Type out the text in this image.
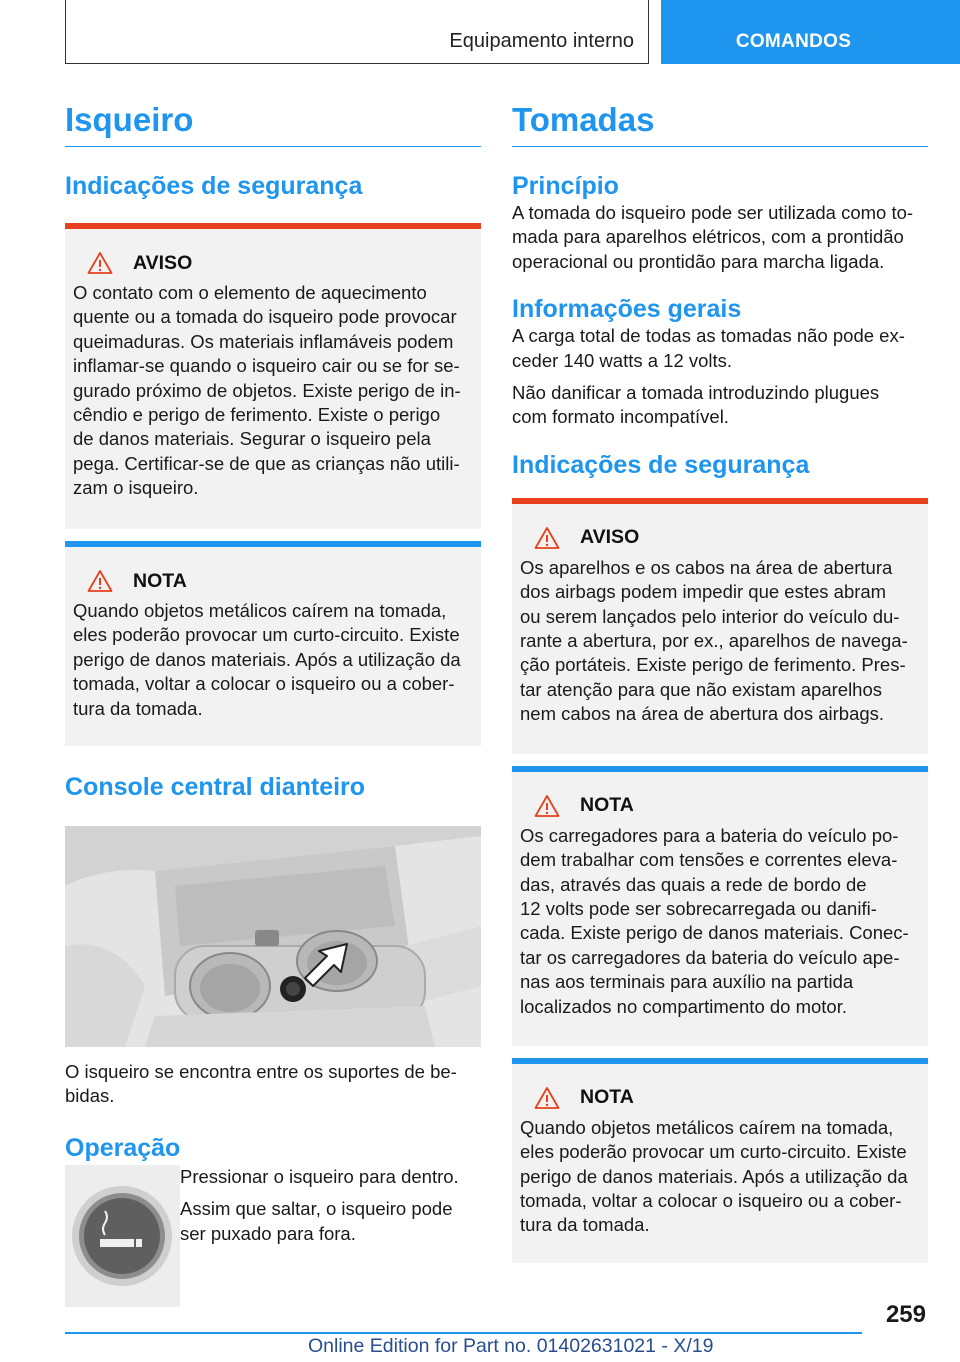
Equipamento interno	COMANDOS
Isqueiro
Indicações de segurança
AVISO

O contato com o elemento de aquecimento
quente ou a tomada do isqueiro pode provocar
queimaduras. Os materiais inflamáveis podem
inflamar-se quando o isqueiro cair ou se for se-
gurado próximo de objetos. Existe perigo de in-
cêndio e perigo de ferimento. Existe o perigo
de danos materiais. Segurar o isqueiro pela
pega. Certificar-se de que as crianças não utili-
zam o isqueiro.

NOTA

Quando objetos metálicos caírem na tomada,
eles poderão provocar um curto-circuito. Existe
perigo de danos materiais. Após a utilização da
tomada, voltar a colocar o isqueiro ou a cober-
tura da tomada.

Console central dianteiro

O isqueiro se encontra entre os suportes de be-
bidas.

Operação

Pressionar o isqueiro para dentro.

Assim que saltar, o isqueiro pode
ser puxado para fora.

Tomadas
Princípio

A tomada do isqueiro pode ser utilizada como to-
mada para aparelhos elétricos, com a prontidão
operacional ou prontidão para marcha ligada.

Informações gerais

A carga total de todas as tomadas não pode ex-
ceder 140 watts a 12 volts.

Não danificar a tomada introduzindo plugues
com formato incompatível.

Indicações de segurança
AVISO

Os aparelhos e os cabos na área de abertura
dos airbags podem impedir que estes abram
ou serem lançados pelo interior do veículo du-
rante a abertura, por ex., aparelhos de navega-
ção portáteis. Existe perigo de ferimento. Pres-
tar atenção para que não existam aparelhos
nem cabos na área de abertura dos airbags.

NOTA

Os carregadores para a bateria do veículo po-
dem trabalhar com tensões e correntes eleva-
das, através das quais a rede de bordo de
12 volts pode ser sobrecarregada ou danifi-
cada. Existe perigo de danos materiais. Conec-
tar os carregadores da bateria do veículo ape-
nas aos terminais para auxílio na partida
localizados no compartimento do motor.

NOTA

Quando objetos metálicos caírem na tomada,
eles poderão provocar um curto-circuito. Existe
perigo de danos materiais. Após a utilização da
tomada, voltar a colocar o isqueiro ou a cober-
tura da tomada.

259
Online Edition for Part no. 01402631021 - X/19
